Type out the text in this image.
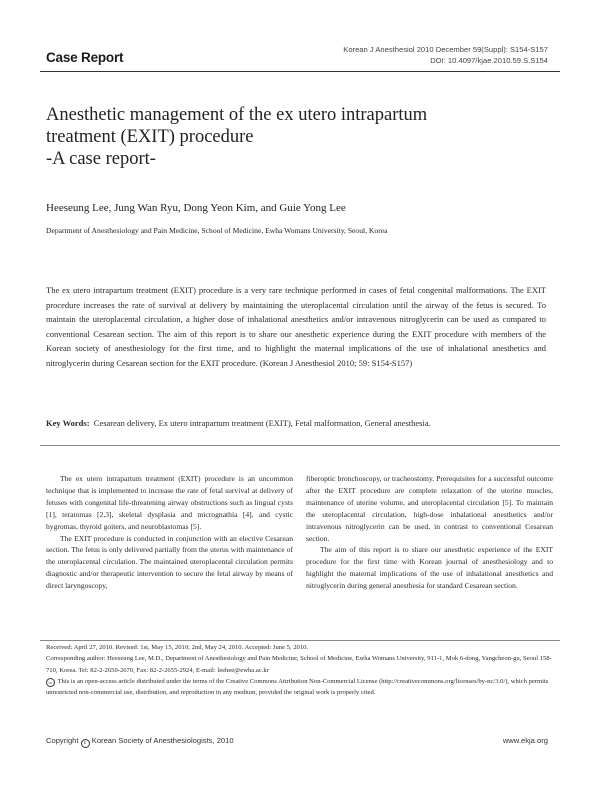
Case Report
Korean J Anesthesiol 2010 December 59(Suppl): S154-S157
DOI: 10.4097/kjae.2010.59.S.S154
Anesthetic management of the ex utero intrapartum
treatment (EXIT) procedure
-A case report-
Heeseung Lee, Jung Wan Ryu, Dong Yeon Kim, and Guie Yong Lee
Department of Anesthesiology and Pain Medicine, School of Medicine, Ewha Womans University, Seoul, Korea
The ex utero intrapartum treatment (EXIT) procedure is a very rare technique performed in cases of fetal congenital malformations. The EXIT procedure increases the rate of survival at delivery by maintaining the uteroplacental circulation until the airway of the fetus is secured. To maintain the uteroplacental circulation, a higher dose of inhalational anesthetics and/or intravenous nitroglycerin can be used as compared to conventional Cesarean section. The aim of this report is to share our anesthetic experience during the EXIT procedure with members of the Korean society of anesthesiology for the first time, and to highlight the maternal implications of the use of inhalational anesthetics and nitroglycerin during Cesarean section for the EXIT procedure. (Korean J Anesthesiol 2010; 59: S154-S157)
Key Words: Cesarean delivery, Ex utero intrapartum treatment (EXIT), Fetal malformation, General anesthesia.

The ex utero intrapartum treatment (EXIT) procedure is an uncommon technique that is implemented to increase the rate of fetal survival at delivery of fetuses with congenital life-threatening airway obstructions such as lingual cysts [1], teratomas [2,3], skeletal dysplasia and micrognathia [4], and cystic hygromas, thyroid goiters, and neuroblastomas [5].

The EXIT procedure is conducted in conjunction with an elective Cesarean section. The fetus is only delivered partially from the uterus with maintenance of the uteroplacental circulation. The maintained uteroplacental circulation permits diagnostic and/or therapeutic intervention to secure the fetal airway by means of direct laryngoscopy,

fiberoptic bronchoscopy, or tracheostomy. Prerequisites for a successful outcome after the EXIT procedure are complete relaxation of the uterine muscles, maintenance of uterine volume, and uteroplacental circulation [5]. To maintain the uteroplacental circulation, high-dose inhalational anesthetics and/or intravenous nitroglycerin can be used, in contrast to conventional Cesarean section.

The aim of this report is to share our anesthetic experience of the EXIT procedure for the first time with Korean journal of anesthesiology and to highlight the maternal implications of the use of inhalational anesthetics and nitroglycerin during general anesthesia for standard Cesarean section.

Received: April 27, 2010. Revised: 1st, May 15, 2010; 2nd, May 24, 2010. Accepted: June 5, 2010.

Corresponding author: Heeseung Lee, M.D., Department of Anesthesiology and Pain Medicine, School of Medicine, Ewha Womans University, 911-1, Mok 6-dong, Yangcheon-gu, Seoul 158-710, Korea. Tel: 82-2-2650-2670, Fax: 82-2-2655-2924, E-mail: leehee@ewha.ac.kr

cc This is an open-access article distributed under the terms of the Creative Commons Attribution Non-Commercial License (http://creativecommons.org/licenses/by-nc/3.0/), which permits unrestricted non-commercial use, distribution, and reproduction in any medium, provided the original work is properly cited.

Copyright c Korean Society of Anesthesiologists, 2010	www.ekja.org
